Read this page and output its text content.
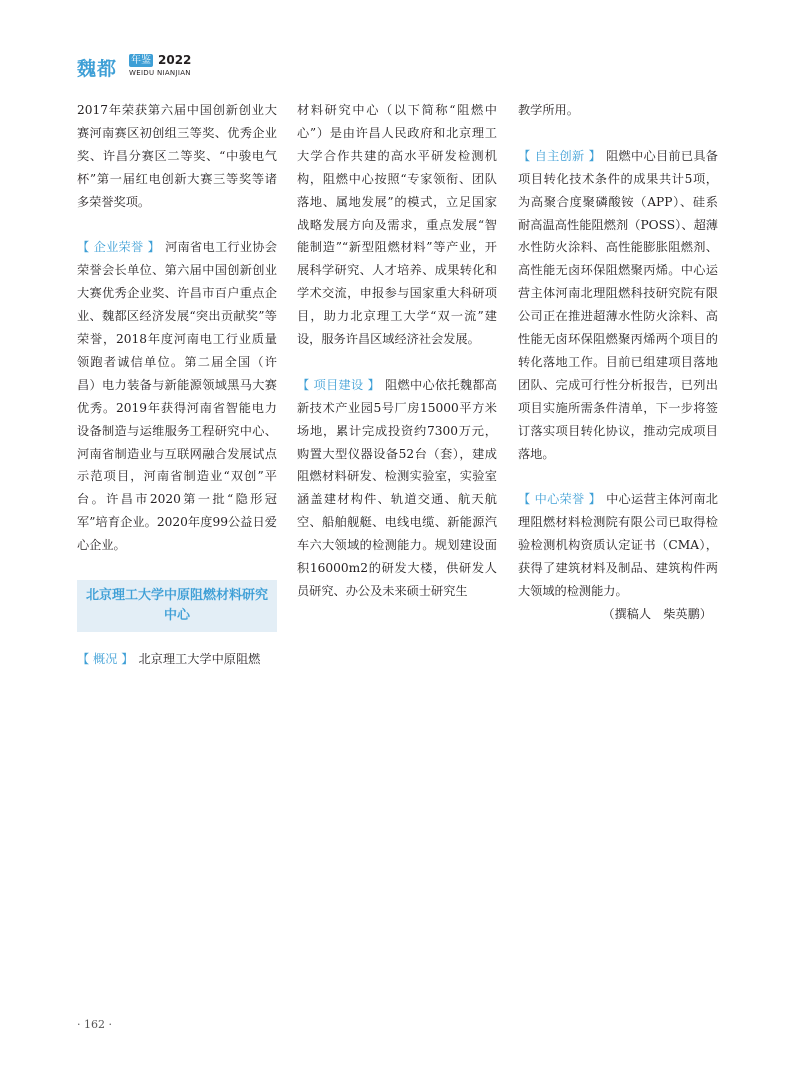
魏都 年鉴 2022
WEIDU NIANJIAN

2017年荣获第六届中国创新创业大赛河南赛区初创组三等奖、优秀企业奖、许昌分赛区二等奖、“中骏电气杯”第一届红电创新大赛三等奖等诸多荣誉奖项。

【 企业荣誉 】 河南省电工行业协会荣誉会长单位、第六届中国创新创业大赛优秀企业奖、许昌市百户重点企业、魏都区经济发展“突出贡献奖”等荣誉，2018年度河南电工行业质量领跑者诚信单位。第二届全国（许昌）电力装备与新能源领域黑马大赛优秀。2019年获得河南省智能电力设备制造与运维服务工程研究中心、河南省制造业与互联网融合发展试点示范项目，河南省制造业“双创”平台。许昌市2020第一批“隐形冠军”培育企业。2020年度99公益日爱心企业。

北京理工大学中原阻燃材料研究中心

【 概况 】 北京理工大学中原阻燃

材料研究中心（以下简称“阻燃中心”）是由许昌人民政府和北京理工大学合作共建的高水平研发检测机构，阻燃中心按照“专家领衔、团队落地、属地发展”的模式，立足国家战略发展方向及需求，重点发展“智能制造”“新型阻燃材料”等产业，开展科学研究、人才培养、成果转化和学术交流，申报参与国家重大科研项目，助力北京理工大学“双一流”建设，服务许昌区域经济社会发展。

【 项目建设 】 阻燃中心依托魏都高新技术产业园5号厂房15000平方米场地，累计完成投资约7300万元，购置大型仪器设备52台（套），建成阻燃材料研发、检测实验室，实验室涵盖建材构件、轨道交通、航天航空、船舶舰艇、电线电缆、新能源汽车六大领域的检测能力。规划建设面积16000m2的研发大楼，供研发人员研究、办公及未来硕士研究生

教学所用。

【 自主创新 】 阻燃中心目前已具备项目转化技术条件的成果共计5项，为高聚合度聚磷酸铵（APP）、硅系耐高温高性能阻燃剂（POSS）、超薄水性防火涂料、高性能膨胀阻燃剂、高性能无卤环保阻燃聚丙烯。中心运营主体河南北理阻燃科技研究院有限公司正在推进超薄水性防火涂料、高性能无卤环保阻燃聚丙烯两个项目的转化落地工作。目前已组建项目落地团队、完成可行性分析报告，已列出项目实施所需条件清单，下一步将签订落实项目转化协议，推动完成项目落地。

【 中心荣誉 】 中心运营主体河南北理阻燃材料检测院有限公司已取得检验检测机构资质认定证书（CMA），获得了建筑材料及制品、建筑构件两大领域的检测能力。

（撰稿人　柴英鹏）
· 162 ·
